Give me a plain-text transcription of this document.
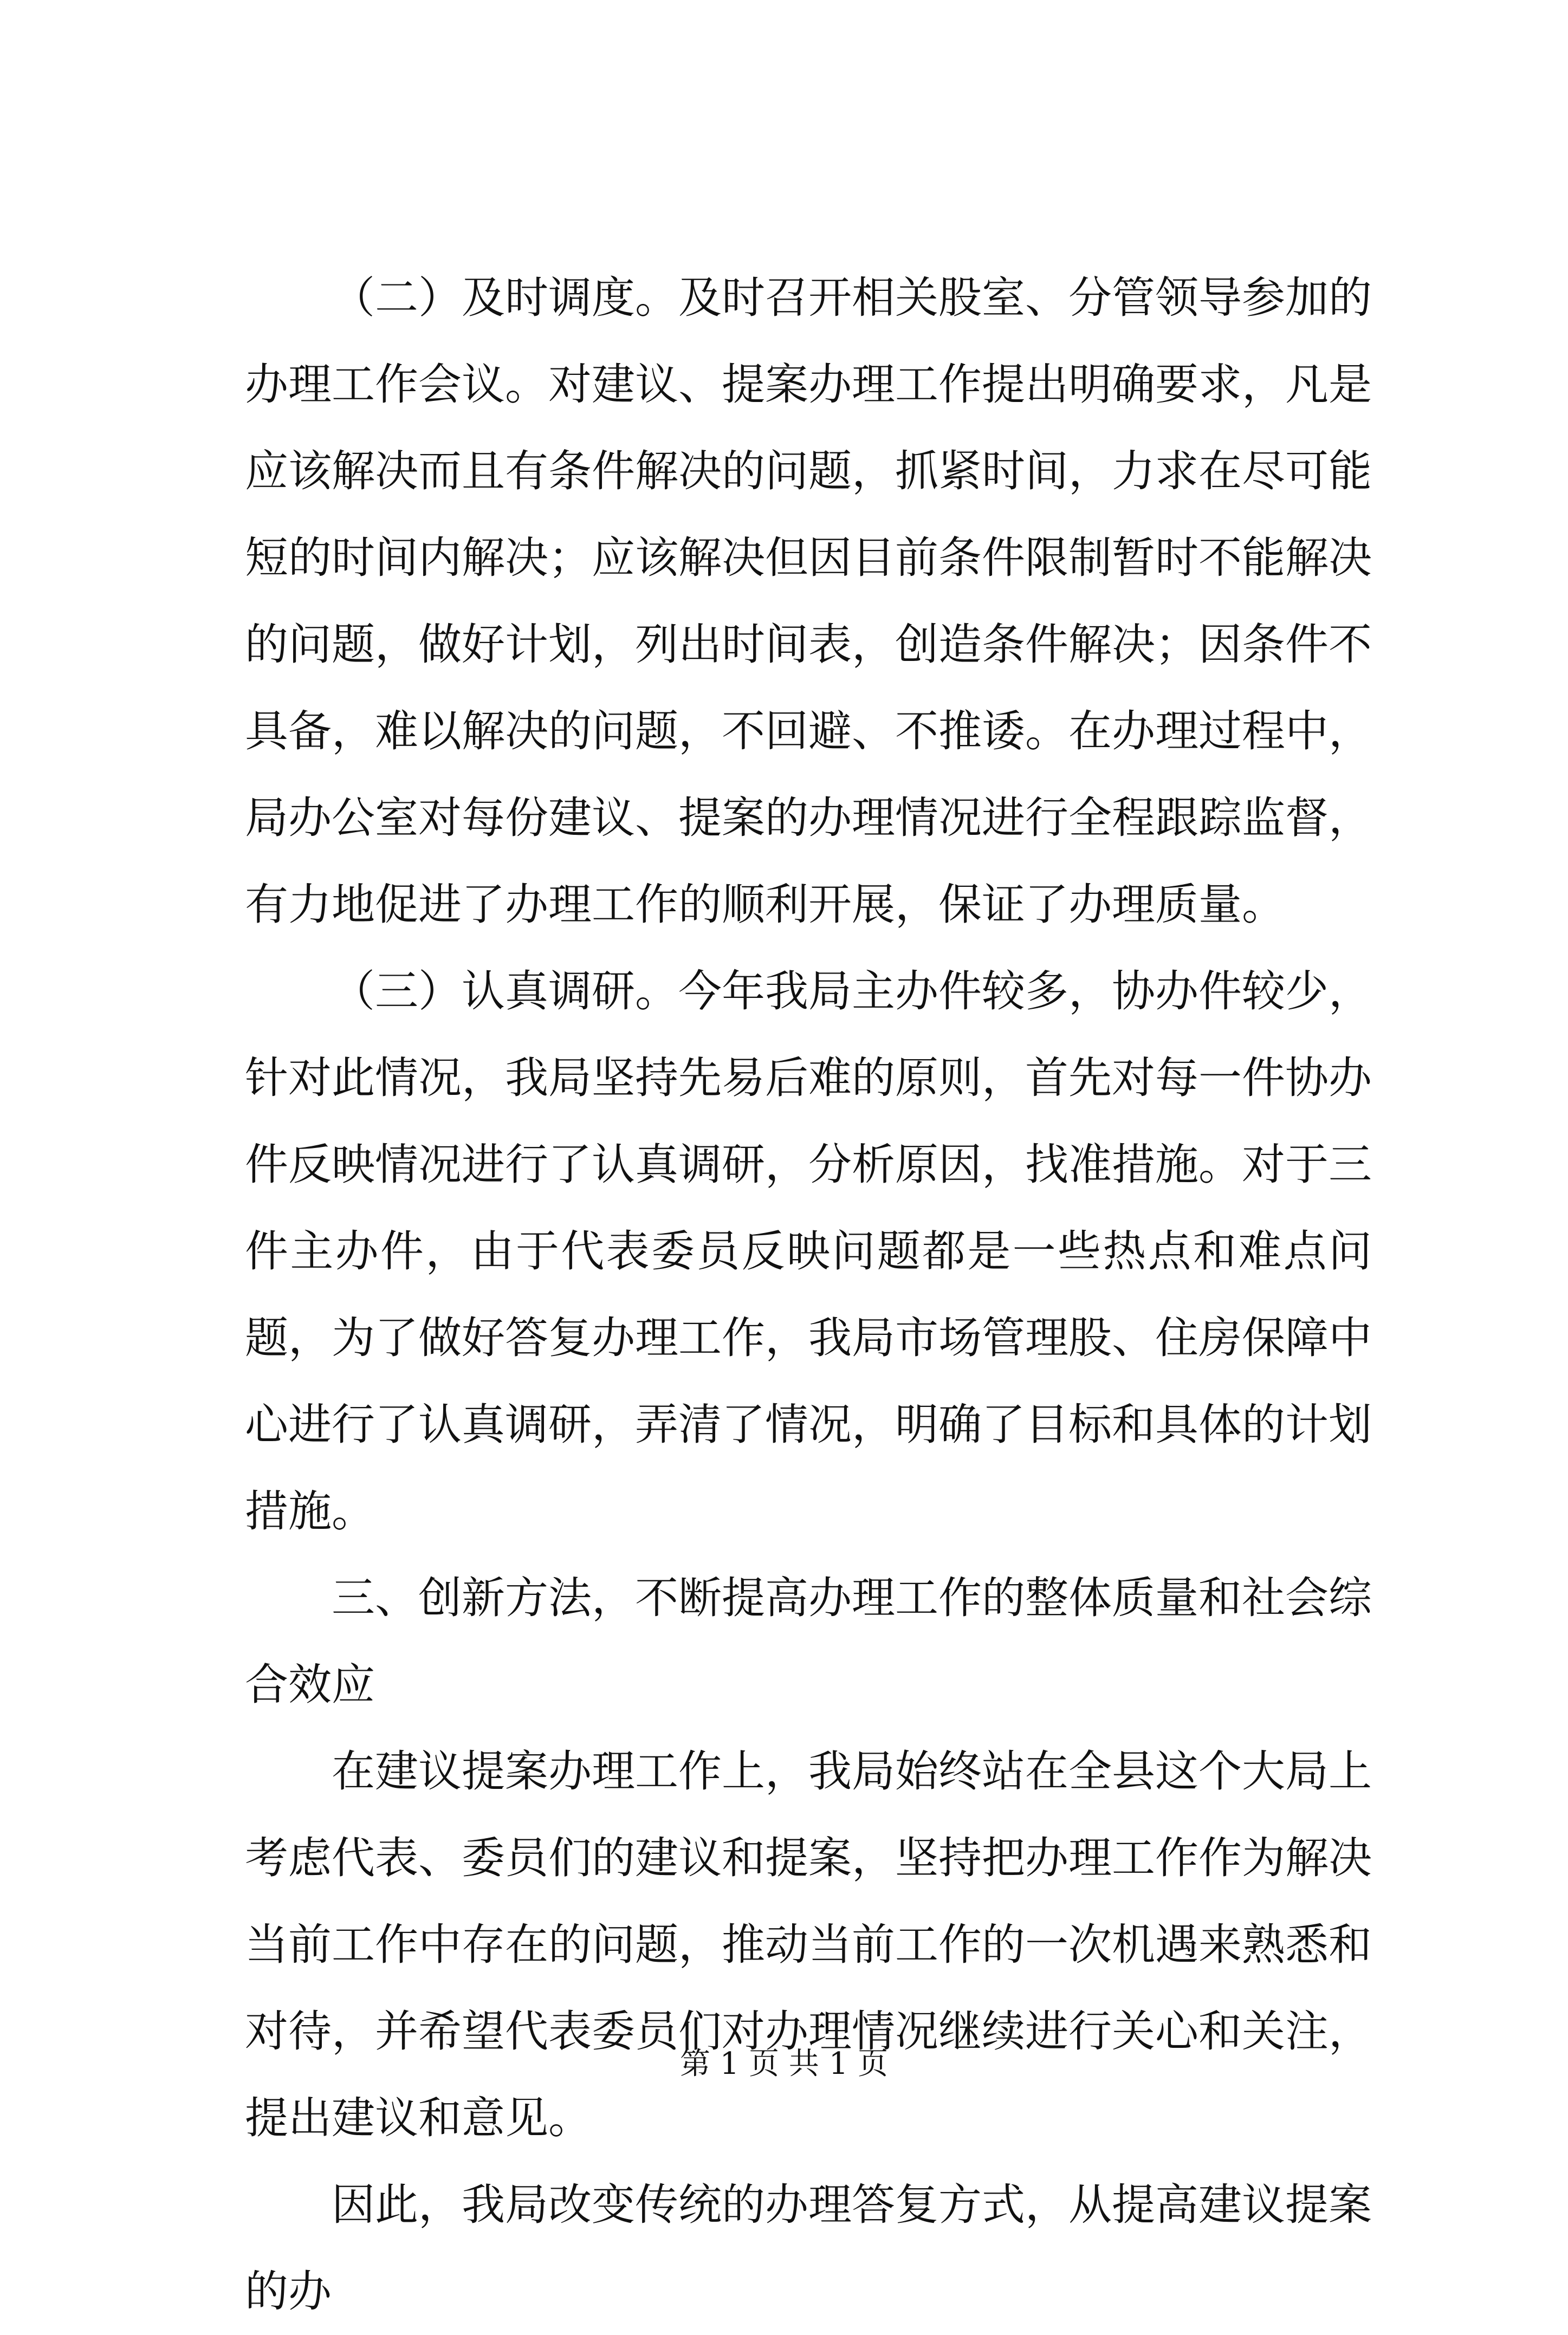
（二）及时调度。及时召开相关股室、分管领导参加的办理工作会议。对建议、提案办理工作提出明确要求，凡是应该解决而且有条件解决的问题，抓紧时间，力求在尽可能短的时间内解决；应该解决但因目前条件限制暂时不能解决的问题，做好计划，列出时间表，创造条件解决；因条件不具备，难以解决的问题，不回避、不推诿。在办理过程中，局办公室对每份建议、提案的办理情况进行全程跟踪监督，有力地促进了办理工作的顺利开展，保证了办理质量。

（三）认真调研。今年我局主办件较多，协办件较少，针对此情况，我局坚持先易后难的原则，首先对每一件协办件反映情况进行了认真调研，分析原因，找准措施。对于三件主办件，由于代表委员反映问题都是一些热点和难点问题，为了做好答复办理工作，我局市场管理股、住房保障中心进行了认真调研，弄清了情况，明确了目标和具体的计划措施。

三、创新方法，不断提高办理工作的整体质量和社会综合效应

在建议提案办理工作上，我局始终站在全县这个大局上考虑代表、委员们的建议和提案，坚持把办理工作作为解决当前工作中存在的问题，推动当前工作的一次机遇来熟悉和对待，并希望代表委员们对办理情况继续进行关心和关注，提出建议和意见。

因此，我局改变传统的办理答复方式，从提高建议提案的办

第 1 页 共 1 页
